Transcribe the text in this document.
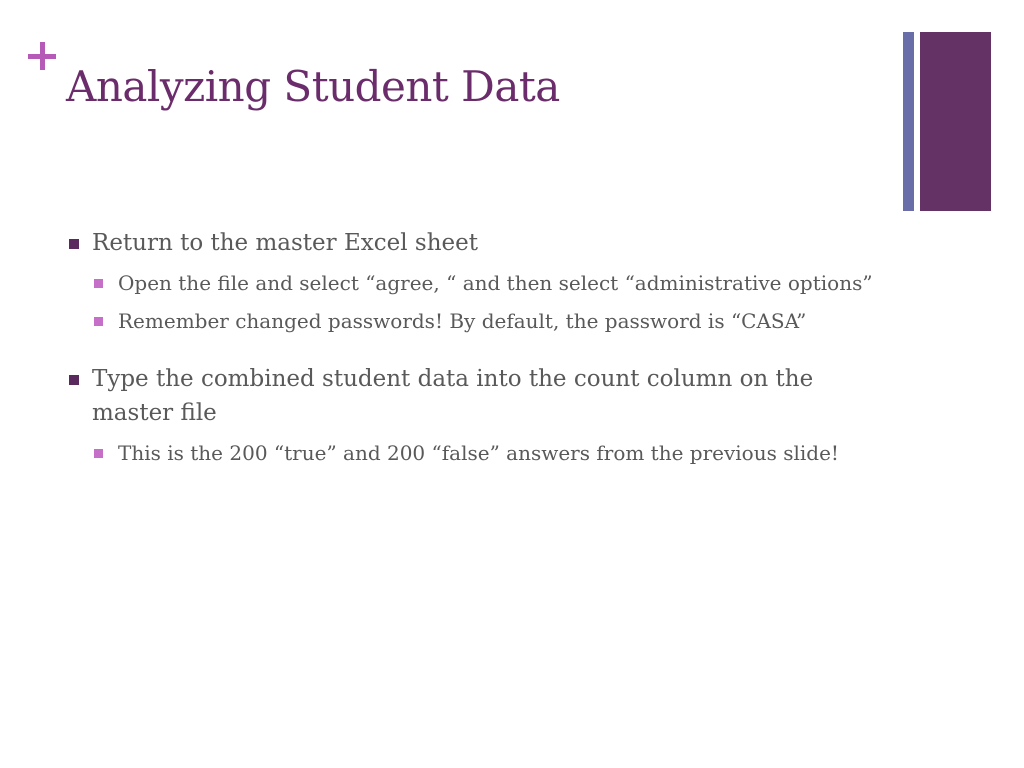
Analyzing Student Data
Return to the master Excel sheet
Open the file and select “agree, “ and then select “administrative options”
Remember changed passwords! By default, the password is “CASA”
Type the combined student data into the count column on the master file
This is the 200 “true” and 200 “false” answers from the previous slide!
